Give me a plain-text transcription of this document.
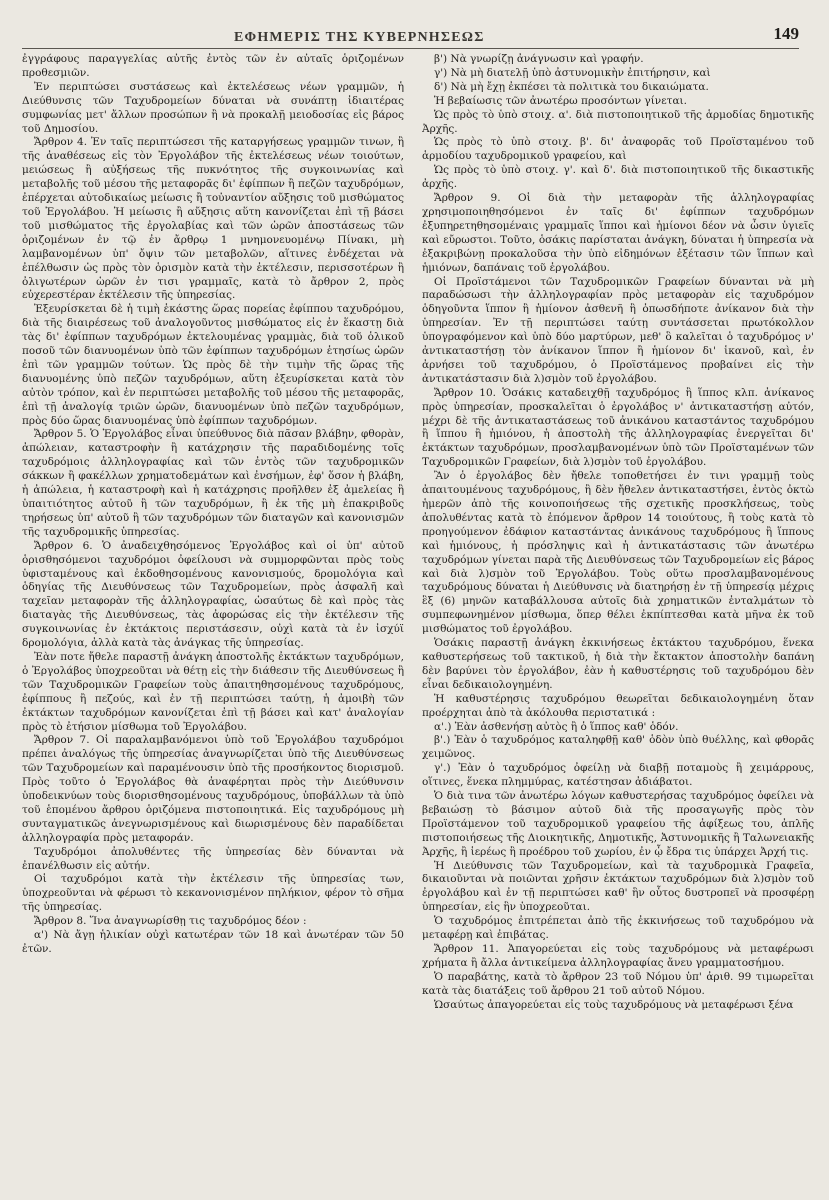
ΕΦΗΜΕΡΙΣ ΤΗΣ ΚΥΒΕΡΝΗΣΕΩΣ	149

ἐγγράφους παραγγελίας αὐτῆς ἐντὸς τῶν ἐν αὐταῖς ὁριζομένων προθεσμιῶν.

Ἐν περιπτώσει συστάσεως καὶ ἐκτελέσεως νέων γραμμῶν, ἡ Διεύθυνσις τῶν Ταχυδρομείων δύναται νὰ συνάπτῃ ἰδιαιτέρας συμφωνίας μετ' ἄλλων προσώπων ἢ νὰ προκαλῇ μειοδοσίας εἰς βάρος τοῦ Δημοσίου.

Ἄρθρον 4. Ἐν ταῖς περιπτώσεσι τῆς καταργήσεως γραμμῶν τινων, ἢ τῆς ἀναθέσεως εἰς τὸν Ἐργολάβον τῆς ἐκτελέσεως νέων τοιούτων, μειώσεως ἢ αὐξήσεως τῆς πυκνότητος τῆς συγκοινωνίας καὶ μεταβολῆς τοῦ μέσου τῆς μεταφορᾶς δι' ἐφίππων ἢ πεζῶν ταχυδρόμων, ἐπέρχεται αὐτοδικαίως μείωσις ἢ τοὐναντίον αὔξησις τοῦ μισθώματος τοῦ Ἐργολάβου. Ἡ μείωσις ἢ αὔξησις αὕτη κανονίζεται ἐπὶ τῇ βάσει τοῦ μισθώματος τῆς ἐργολαβίας καὶ τῶν ὡρῶν ἀποστάσεως τῶν ὁριζομένων ἐν τῷ ἐν ἄρθρῳ 1 μνημονευομένῳ Πίνακι, μὴ λαμβανομένων ὑπ' ὄψιν τῶν μεταβολῶν, αἵτινες ἐνδέχεται νὰ ἐπέλθωσιν ὡς πρὸς τὸν ὁρισμὸν κατὰ τὴν ἐκτέλεσιν, περισσοτέρων ἢ ὀλιγωτέρων ὡρῶν ἐν τισι γραμμαῖς, κατὰ τὸ ἄρθρον 2, πρὸς εὐχερεστέραν ἐκτέλεσιν τῆς ὑπηρεσίας.

Ἐξευρίσκεται δὲ ἡ τιμὴ ἑκάστης ὥρας πορείας ἐφίππου ταχυδρόμου, διὰ τῆς διαιρέσεως τοῦ ἀναλογοῦντος μισθώματος εἰς ἐν ἕκαστῃ διὰ τὰς δι' ἐφίππων ταχυδρόμων ἐκτελουμένας γραμμὰς, διὰ τοῦ ὁλικοῦ ποσοῦ τῶν διανυομένων ὑπὸ τῶν ἐφίππων ταχυδρόμων ἑτησίως ὡρῶν ἐπὶ τῶν γραμμῶν τούτων. Ὡς πρὸς δὲ τὴν τιμὴν τῆς ὥρας τῆς διανυομένης ὑπὸ πεζῶν ταχυδρόμων, αὕτη ἐξευρίσκεται κατὰ τὸν αὐτὸν τρόπον, καὶ ἐν περιπτώσει μεταβολῆς τοῦ μέσου τῆς μεταφορᾶς, ἐπὶ τῇ ἀναλογίᾳ τριῶν ὡρῶν, διανυομένων ὑπὸ πεζῶν ταχυδρόμων, πρὸς δύο ὥρας διανυομένας ὑπὸ ἐφίππων ταχυδρόμων.

Ἄρθρον 5. Ὁ Ἐργολάβος εἶναι ὑπεύθυνος διὰ πᾶσαν βλάβην, φθορὰν, ἀπώλειαν, καταστροφὴν ἢ κατάχρησιν τῆς παραδιδομένης τοῖς ταχυδρόμοις ἀλληλογραφίας καὶ τῶν ἐντὸς τῶν ταχυδρομικῶν σάκκων ἢ φακέλλων χρηματοδεμάτων καὶ ἐνσήμων, ἐφ' ὅσον ἡ βλάβη, ἡ ἀπώλεια, ἡ καταστροφὴ καὶ ἡ κατάχρησις προῆλθεν ἐξ ἀμελείας ἢ ὑπαιτιότητος αὐτοῦ ἢ τῶν ταχυδρόμων, ἢ ἐκ τῆς μὴ ἐπακριβοῦς τηρήσεως ὑπ' αὐτοῦ ἢ τῶν ταχυδρόμων τῶν διαταγῶν καὶ κανονισμῶν τῆς ταχυδρομικῆς ὑπηρεσίας.

Ἄρθρον 6. Ὁ ἀναδειχθησόμενος Ἐργολάβος καὶ οἱ ὑπ' αὐτοῦ ὁρισθησόμενοι ταχυδρόμοι ὀφείλουσι νὰ συμμορφῶνται πρὸς τοὺς ὑφισταμένους καὶ ἐκδοθησομένους κανονισμούς, δρομολόγια καὶ ὁδηγίας τῆς Διευθύνσεως τῶν Ταχυδρομείων, πρὸς ἀσφαλῆ καὶ ταχεῖαν μεταφορὰν τῆς ἀλληλογραφίας, ὡσαύτως δὲ καὶ πρὸς τὰς διαταγὰς τῆς Διευθύνσεως, τὰς ἀφορώσας εἰς τὴν ἐκτέλεσιν τῆς συγκοινωνίας ἐν ἐκτάκτοις περιστάσεσιν, οὐχὶ κατὰ τὰ ἐν ἰσχύϊ δρομολόγια, ἀλλὰ κατὰ τὰς ἀνάγκας τῆς ὑπηρεσίας.

Ἐὰν ποτε ἤθελε παραστῇ ἀνάγκη ἀποστολῆς ἐκτάκτων ταχυδρόμων, ὁ Ἐργολάβος ὑποχρεοῦται νὰ θέτῃ εἰς τὴν διάθεσιν τῆς Διευθύνσεως ἢ τῶν Ταχυδρομικῶν Γραφείων τοὺς ἀπαιτηθησομένους ταχυδρόμους, ἐφίππους ἢ πεζούς, καὶ ἐν τῇ περιπτώσει ταύτῃ, ἡ ἀμοιβὴ τῶν ἐκτάκτων ταχυδρόμων κανονίζεται ἐπὶ τῇ βάσει καὶ κατ' ἀναλογίαν πρὸς τὸ ἐτήσιον μίσθωμα τοῦ Ἐργολάβου.

Ἄρθρον 7. Οἱ παραλαμβανόμενοι ὑπὸ τοῦ Ἐργολάβου ταχυδρόμοι πρέπει ἀναλόγως τῆς ὑπηρεσίας ἀναγνωρίζεται ὑπὸ τῆς Διευθύνσεως τῶν Ταχυδρομείων καὶ παραμένουσιν ὑπὸ τῆς προσήκοντος διορισμοῦ. Πρὸς τοῦτο ὁ Ἐργολάβος θὰ ἀναφέρηται πρὸς τὴν Διεύθυνσιν ὑποδεικνύων τοὺς διορισθησομένους ταχυδρόμους, ὑποβάλλων τὰ ὑπὸ τοῦ ἑπομένου ἄρθρου ὁριζόμενα πιστοποιητικά. Εἰς ταχυδρόμους μὴ συνταγματικῶς ἀνεγνωρισμένους καὶ διωρισμένους δὲν παραδίδεται ἀλληλογραφία πρὸς μεταφοράν.

Ταχυδρόμοι ἀπολυθέντες τῆς ὑπηρεσίας δὲν δύνανται νὰ ἐπανέλθωσιν εἰς αὐτήν.

Οἱ ταχυδρόμοι κατὰ τὴν ἐκτέλεσιν τῆς ὑπηρεσίας των, ὑποχρεοῦνται νὰ φέρωσι τὸ κεκανονισμένον πηλήκιον, φέρον τὸ σῆμα τῆς ὑπηρεσίας.

Ἄρθρον 8. Ἵνα ἀναγνωρίσθῃ τις ταχυδρόμος δέον :

α') Νὰ ἄγῃ ἡλικίαν οὐχὶ κατωτέραν τῶν 18 καὶ ἀνωτέραν τῶν 50 ἐτῶν.

β') Νὰ γνωρίζῃ ἀνάγνωσιν καὶ γραφήν.

γ') Νὰ μὴ διατελῇ ὑπὸ ἀστυνομικὴν ἐπιτήρησιν, καὶ

δ') Νὰ μὴ ἔχῃ ἐκπέσει τὰ πολιτικὰ του δικαιώματα.

Ἡ βεβαίωσις τῶν ἀνωτέρω προσόντων γίνεται.

Ὡς πρὸς τὸ ὑπὸ στοιχ. α'. διὰ πιστοποιητικοῦ τῆς ἁρμοδίας δημοτικῆς Ἀρχῆς.

Ὡς πρὸς τὸ ὑπὸ στοιχ. β'. δι' ἀναφορᾶς τοῦ Προϊσταμένου τοῦ ἁρμοδίου ταχυδρομικοῦ γραφείου, καὶ

Ὡς πρὸς τὸ ὑπὸ στοιχ. γ'. καὶ δ'. διὰ πιστοποιητικοῦ τῆς δικαστικῆς ἀρχῆς.

Ἄρθρον 9. Οἱ διὰ τὴν μεταφορὰν τῆς ἀλληλογραφίας χρησιμοποιηθησόμενοι ἐν ταῖς δι' ἐφίππων ταχυδρόμων ἐξυπηρετηθησομέναις γραμμαῖς ἵπποι καὶ ἡμίονοι δέον νὰ ὦσιν ὑγιεῖς καὶ εὔρωστοι. Τοῦτο, ὁσάκις παρίσταται ἀνάγκη, δύναται ἡ ὑπηρεσία νὰ ἐξακριβώνῃ προκαλοῦσα τὴν ὑπὸ εἰδημόνων ἐξέτασιν τῶν ἵππων καὶ ἡμιόνων, δαπάναις τοῦ ἐργολάβου.

Οἱ Προϊστάμενοι τῶν Ταχυδρομικῶν Γραφείων δύνανται νὰ μὴ παραδώσωσι τὴν ἀλληλογραφίαν πρὸς μεταφορὰν εἰς ταχυδρόμον ὁδηγοῦντα ἵππον ἢ ἡμίονον ἀσθενῆ ἢ ὁπωσδήποτε ἀνίκανον διὰ τὴν ὑπηρεσίαν. Ἐν τῇ περιπτώσει ταύτῃ συντάσσεται πρωτόκολλον ὑπογραφόμενον καὶ ὑπὸ δύο μαρτύρων, μεθ' ὃ καλεῖται ὁ ταχυδρόμος ν' ἀντικαταστήσῃ τὸν ἀνίκανον ἵππον ἢ ἡμίονον δι' ἱκανοῦ, καὶ, ἐν ἀρνήσει τοῦ ταχυδρόμου, ὁ Προϊστάμενος προβαίνει εἰς τὴν ἀντικατάστασιν διὰ λ)σμὸν τοῦ ἐργολάβου.

Ἄρθρον 10. Ὁσάκις καταδειχθῇ ταχυδρόμος ἢ ἵππος κλπ. ἀνίκανος πρὸς ὑπηρεσίαν, προσκαλεῖται ὁ ἐργολάβος ν' ἀντικαταστήσῃ αὐτόν, μέχρι δὲ τῆς ἀντικαταστάσεως τοῦ ἀνικάνου καταστάντος ταχυδρόμου ἢ ἵππου ἢ ἡμιόνου, ἡ ἀποστολὴ τῆς ἀλληλογραφίας ἐνεργεῖται δι' ἐκτάκτων ταχυδρόμων, προσλαμβανομένων ὑπὸ τῶν Προϊσταμένων τῶν Ταχυδρομικῶν Γραφείων, διὰ λ)σμὸν τοῦ ἐργολάβου.

Ἂν ὁ ἐργολάβος δὲν ἤθελε τοποθετήσει ἐν τινι γραμμῇ τοὺς ἀπαιτουμένους ταχυδρόμους, ἢ δὲν ἤθελεν ἀντικαταστήσει, ἐντὸς ὀκτὼ ἡμερῶν ἀπὸ τῆς κοινοποιήσεως τῆς σχετικῆς προσκλήσεως, τοὺς ἀπολυθέντας κατὰ τὸ ἑπόμενον ἄρθρον 14 τοιούτους, ἢ τοὺς κατὰ τὸ προηγούμενον ἐδάφιον καταστάντας ἀνικάνους ταχυδρόμους ἢ ἵππους καὶ ἡμιόνους, ἡ πρόσληψις καὶ ἡ ἀντικατάστασις τῶν ἀνωτέρω ταχυδρόμων γίνεται παρὰ τῆς Διευθύνσεως τῶν Ταχυδρομείων εἰς βάρος καὶ διὰ λ)σμὸν τοῦ Ἐργολάβου. Τοὺς οὕτω προσλαμβανομένους ταχυδρόμους δύναται ἡ Διεύθυνσις νὰ διατηρήσῃ ἐν τῇ ὑπηρεσίᾳ μέχρις ἓξ (6) μηνῶν καταβάλλουσα αὐτοῖς διὰ χρηματικῶν ἐνταλμάτων τὸ συμπεφωνημένον μίσθωμα, ὅπερ θέλει ἐκπίπτεσθαι κατὰ μῆνα ἐκ τοῦ μισθώματος τοῦ ἐργολάβου.

Ὁσάκις παραστῇ ἀνάγκη ἐκκινήσεως ἐκτάκτου ταχυδρόμου, ἕνεκα καθυστερήσεως τοῦ τακτικοῦ, ἡ διὰ τὴν ἔκτακτον ἀποστολὴν δαπάνη δὲν βαρύνει τὸν ἐργολάβον, ἐὰν ἡ καθυστέρησις τοῦ ταχυδρόμου δὲν εἶναι δεδικαιολογημένη.

Ἡ καθυστέρησις ταχυδρόμου θεωρεῖται δεδικαιολογημένη ὅταν προέρχηται ἀπὸ τὰ ἀκόλουθα περιστατικά :

α'.) Ἐὰν ἀσθενήσῃ αὐτὸς ἢ ὁ ἵππος καθ' ὁδόν.

β'.) Ἐὰν ὁ ταχυδρόμος καταληφθῇ καθ' ὁδὸν ὑπὸ θυέλλης, καὶ φθορᾶς χειμῶνος.

γ'.) Ἐὰν ὁ ταχυδρόμος ὀφείλῃ νὰ διαβῇ ποταμοὺς ἢ χειμάρρους, οἵτινες, ἕνεκα πλημμύρας, κατέστησαν ἀδιάβατοι.

Ὁ διὰ τινα τῶν ἀνωτέρω λόγων καθυστερήσας ταχυδρόμος ὀφείλει νὰ βεβαιώσῃ τὸ βάσιμον αὐτοῦ διὰ τῆς προσαγωγῆς πρὸς τὸν Προϊστάμενον τοῦ ταχυδρομικοῦ γραφείου τῆς ἀφίξεως του, ἀπλῆς πιστοποιήσεως τῆς Διοικητικῆς, Δημοτικῆς, Ἀστυνομικῆς ἢ Ταλωνειακῆς Ἀρχῆς, ἢ ἱερέως ἢ προέδρου τοῦ χωρίου, ἐν ᾧ ἔδρα τις ὑπάρχει Ἀρχή τις.

Ἡ Διεύθυνσις τῶν Ταχυδρομείων, καὶ τὰ ταχυδρομικὰ Γραφεῖα, δικαιοῦνται νὰ ποιῶνται χρῆσιν ἐκτάκτων ταχυδρόμων διὰ λ)σμὸν τοῦ ἐργολάβου καὶ ἐν τῇ περιπτώσει καθ' ἣν οὗτος δυστροπεῖ νὰ προσφέρῃ ὑπηρεσίαν, εἰς ἣν ὑποχρεοῦται.

Ὁ ταχυδρόμος ἐπιτρέπεται ἀπὸ τῆς ἐκκινήσεως τοῦ ταχυδρόμου νὰ μεταφέρῃ καὶ ἐπιβάτας.

Ἄρθρον 11. Ἀπαγορεύεται εἰς τοὺς ταχυδρόμους νὰ μεταφέρωσι χρήματα ἢ ἄλλα ἀντικείμενα ἀλληλογραφίας ἄνευ γραμματοσήμου.

Ὁ παραβάτης, κατὰ τὸ ἄρθρον 23 τοῦ Νόμου ὑπ' ἀριθ. 99 τιμωρεῖται κατὰ τὰς διατάξεις τοῦ ἄρθρου 21 τοῦ αὐτοῦ Νόμου.

Ὡσαύτως ἀπαγορεύεται εἰς τοὺς ταχυδρόμους νὰ μεταφέρωσι ξένα
